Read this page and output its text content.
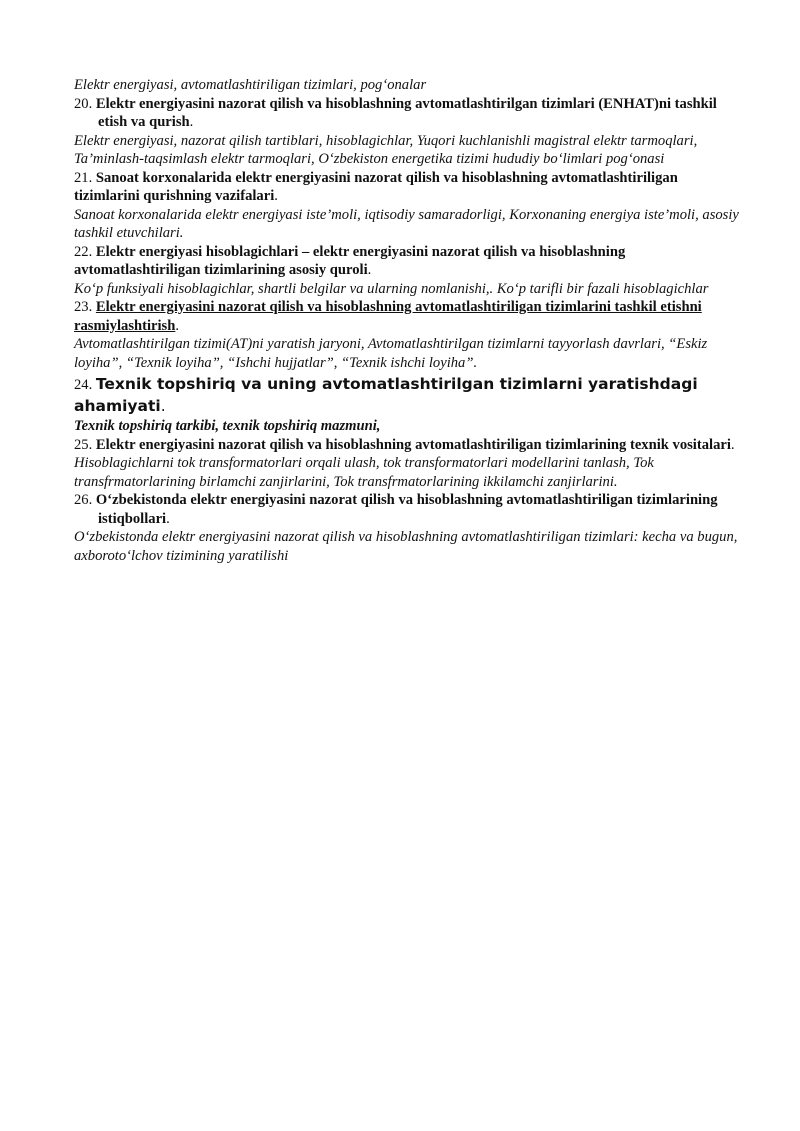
Elektr energiyasi, avtomatlashtiriligan tizimlari, pog‘onalar

20. Elektr energiyasini nazorat qilish va hisoblashning avtomatlashtirilgan tizimlari (ENHAT)ni tashkil etish va qurish.

Elektr energiyasi, nazorat qilish tartiblari, hisoblagichlar, Yuqori kuchlanishli magistral elektr tarmoqlari, Ta’minlash-taqsimlash elektr tarmoqlari, O‘zbekiston energetika tizimi hududiy bo‘limlari pog‘onasi

21. Sanoat korxonalarida elektr energiyasini nazorat qilish va hisoblashning avtomatlashtiriligan tizimlarini qurishning vazifalari.

Sanoat korxonalarida elektr energiyasi iste’moli, iqtisodiy samaradorligi, Korxonaning energiya iste’moli, asosiy tashkil etuvchilari.

22. Elektr energiyasi hisoblagichlari – elektr energiyasini nazorat qilish va hisoblashning avtomatlashtiriligan tizimlarining asosiy quroli.

Ko‘p funksiyali hisoblagichlar, shartli belgilar va ularning nomlanishi,. Ko‘p tarifli bir fazali hisoblagichlar

23. Elektr energiyasini nazorat qilish va hisoblashning avtomatlashtiriligan tizimlarini tashkil etishni rasmiylashtirish.

Avtomatlashtirilgan tizimi(AT)ni yaratish jaryoni, Avtomatlashtirilgan tizimlarni tayyorlash davrlari, “Eskiz loyiha”, “Texnik loyiha”, “Ishchi hujjatlar”, “Texnik ishchi loyiha”.

24. Texnik topshiriq va uning avtomatlashtirilgan tizimlarni yaratishdagi ahamiyati.

Texnik topshiriq tarkibi, texnik topshiriq mazmuni,

25. Elektr energiyasini nazorat qilish va hisoblashning avtomatlashtiriligan tizimlarining texnik vositalari.

Hisoblagichlarni tok transformatorlari orqali ulash, tok transformatorlari modellarini tanlash, Tok transfrmatorlarining birlamchi zanjirlarini, Tok transfrmatorlarining ikkilamchi zanjirlarini.

26. O‘zbekistonda elektr energiyasini nazorat qilish va hisoblashning avtomatlashtiriligan tizimlarining istiqbollari.

O‘zbekistonda elektr energiyasini nazorat qilish va hisoblashning avtomatlashtiriligan tizimlari: kecha va bugun, axboroto‘lchov tizimining yaratilishi
